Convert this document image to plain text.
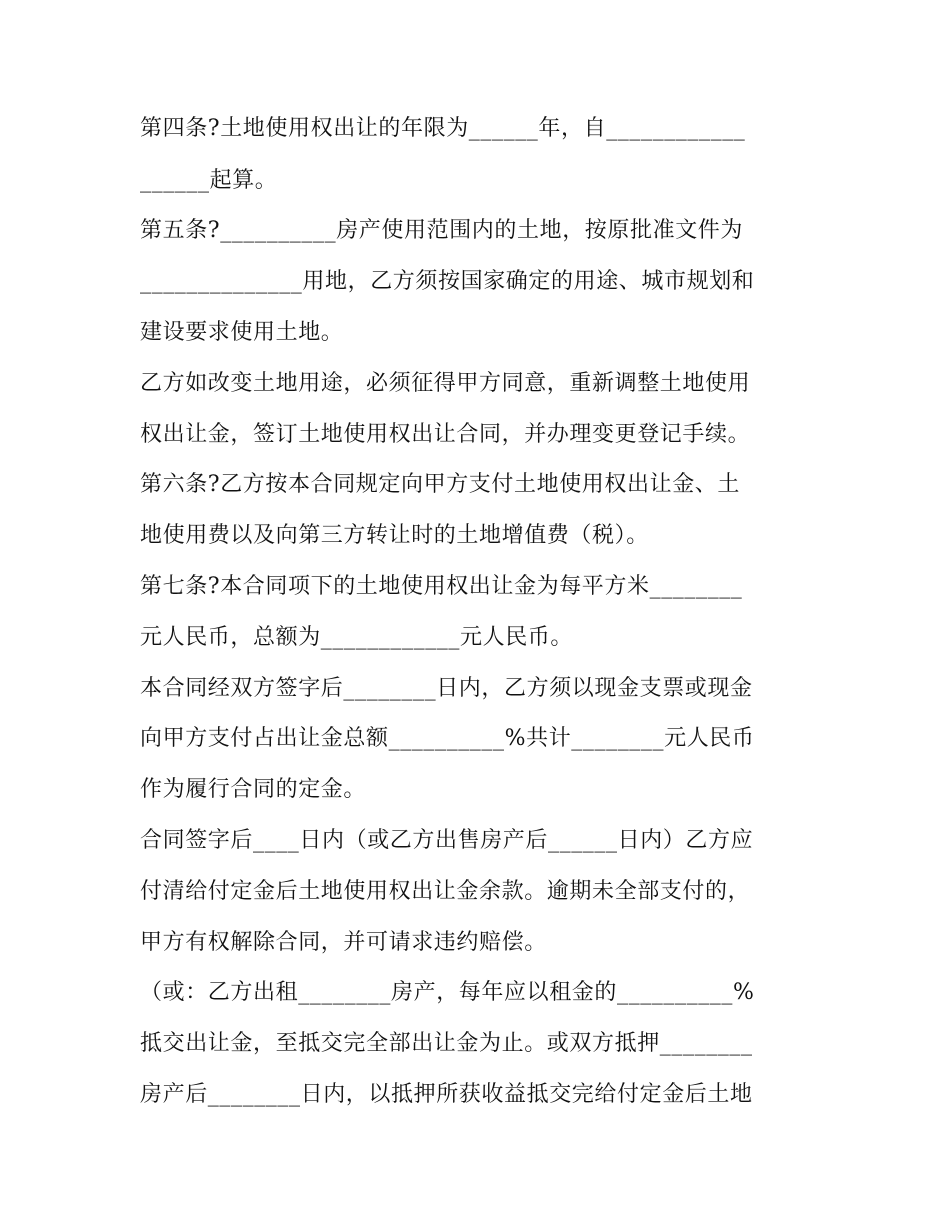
第四条?土地使用权出让的年限为______年，自____________
______起算。
第五条?__________房产使用范围内的土地，按原批准文件为
______________用地，乙方须按国家确定的用途、城市规划和
建设要求使用土地。
乙方如改变土地用途，必须征得甲方同意，重新调整土地使用
权出让金，签订土地使用权出让合同，并办理变更登记手续。
第六条?乙方按本合同规定向甲方支付土地使用权出让金、土
地使用费以及向第三方转让时的土地增值费（税）。
第七条?本合同项下的土地使用权出让金为每平方米________
元人民币，总额为____________元人民币。
本合同经双方签字后________日内，乙方须以现金支票或现金
向甲方支付占出让金总额__________%共计________元人民币
作为履行合同的定金。
合同签字后____日内（或乙方出售房产后______日内）乙方应
付清给付定金后土地使用权出让金余款。逾期未全部支付的，
甲方有权解除合同，并可请求违约赔偿。
（或：乙方出租________房产，每年应以租金的__________%
抵交出让金，至抵交完全部出让金为止。或双方抵押________
房产后________日内，以抵押所获收益抵交完给付定金后土地
